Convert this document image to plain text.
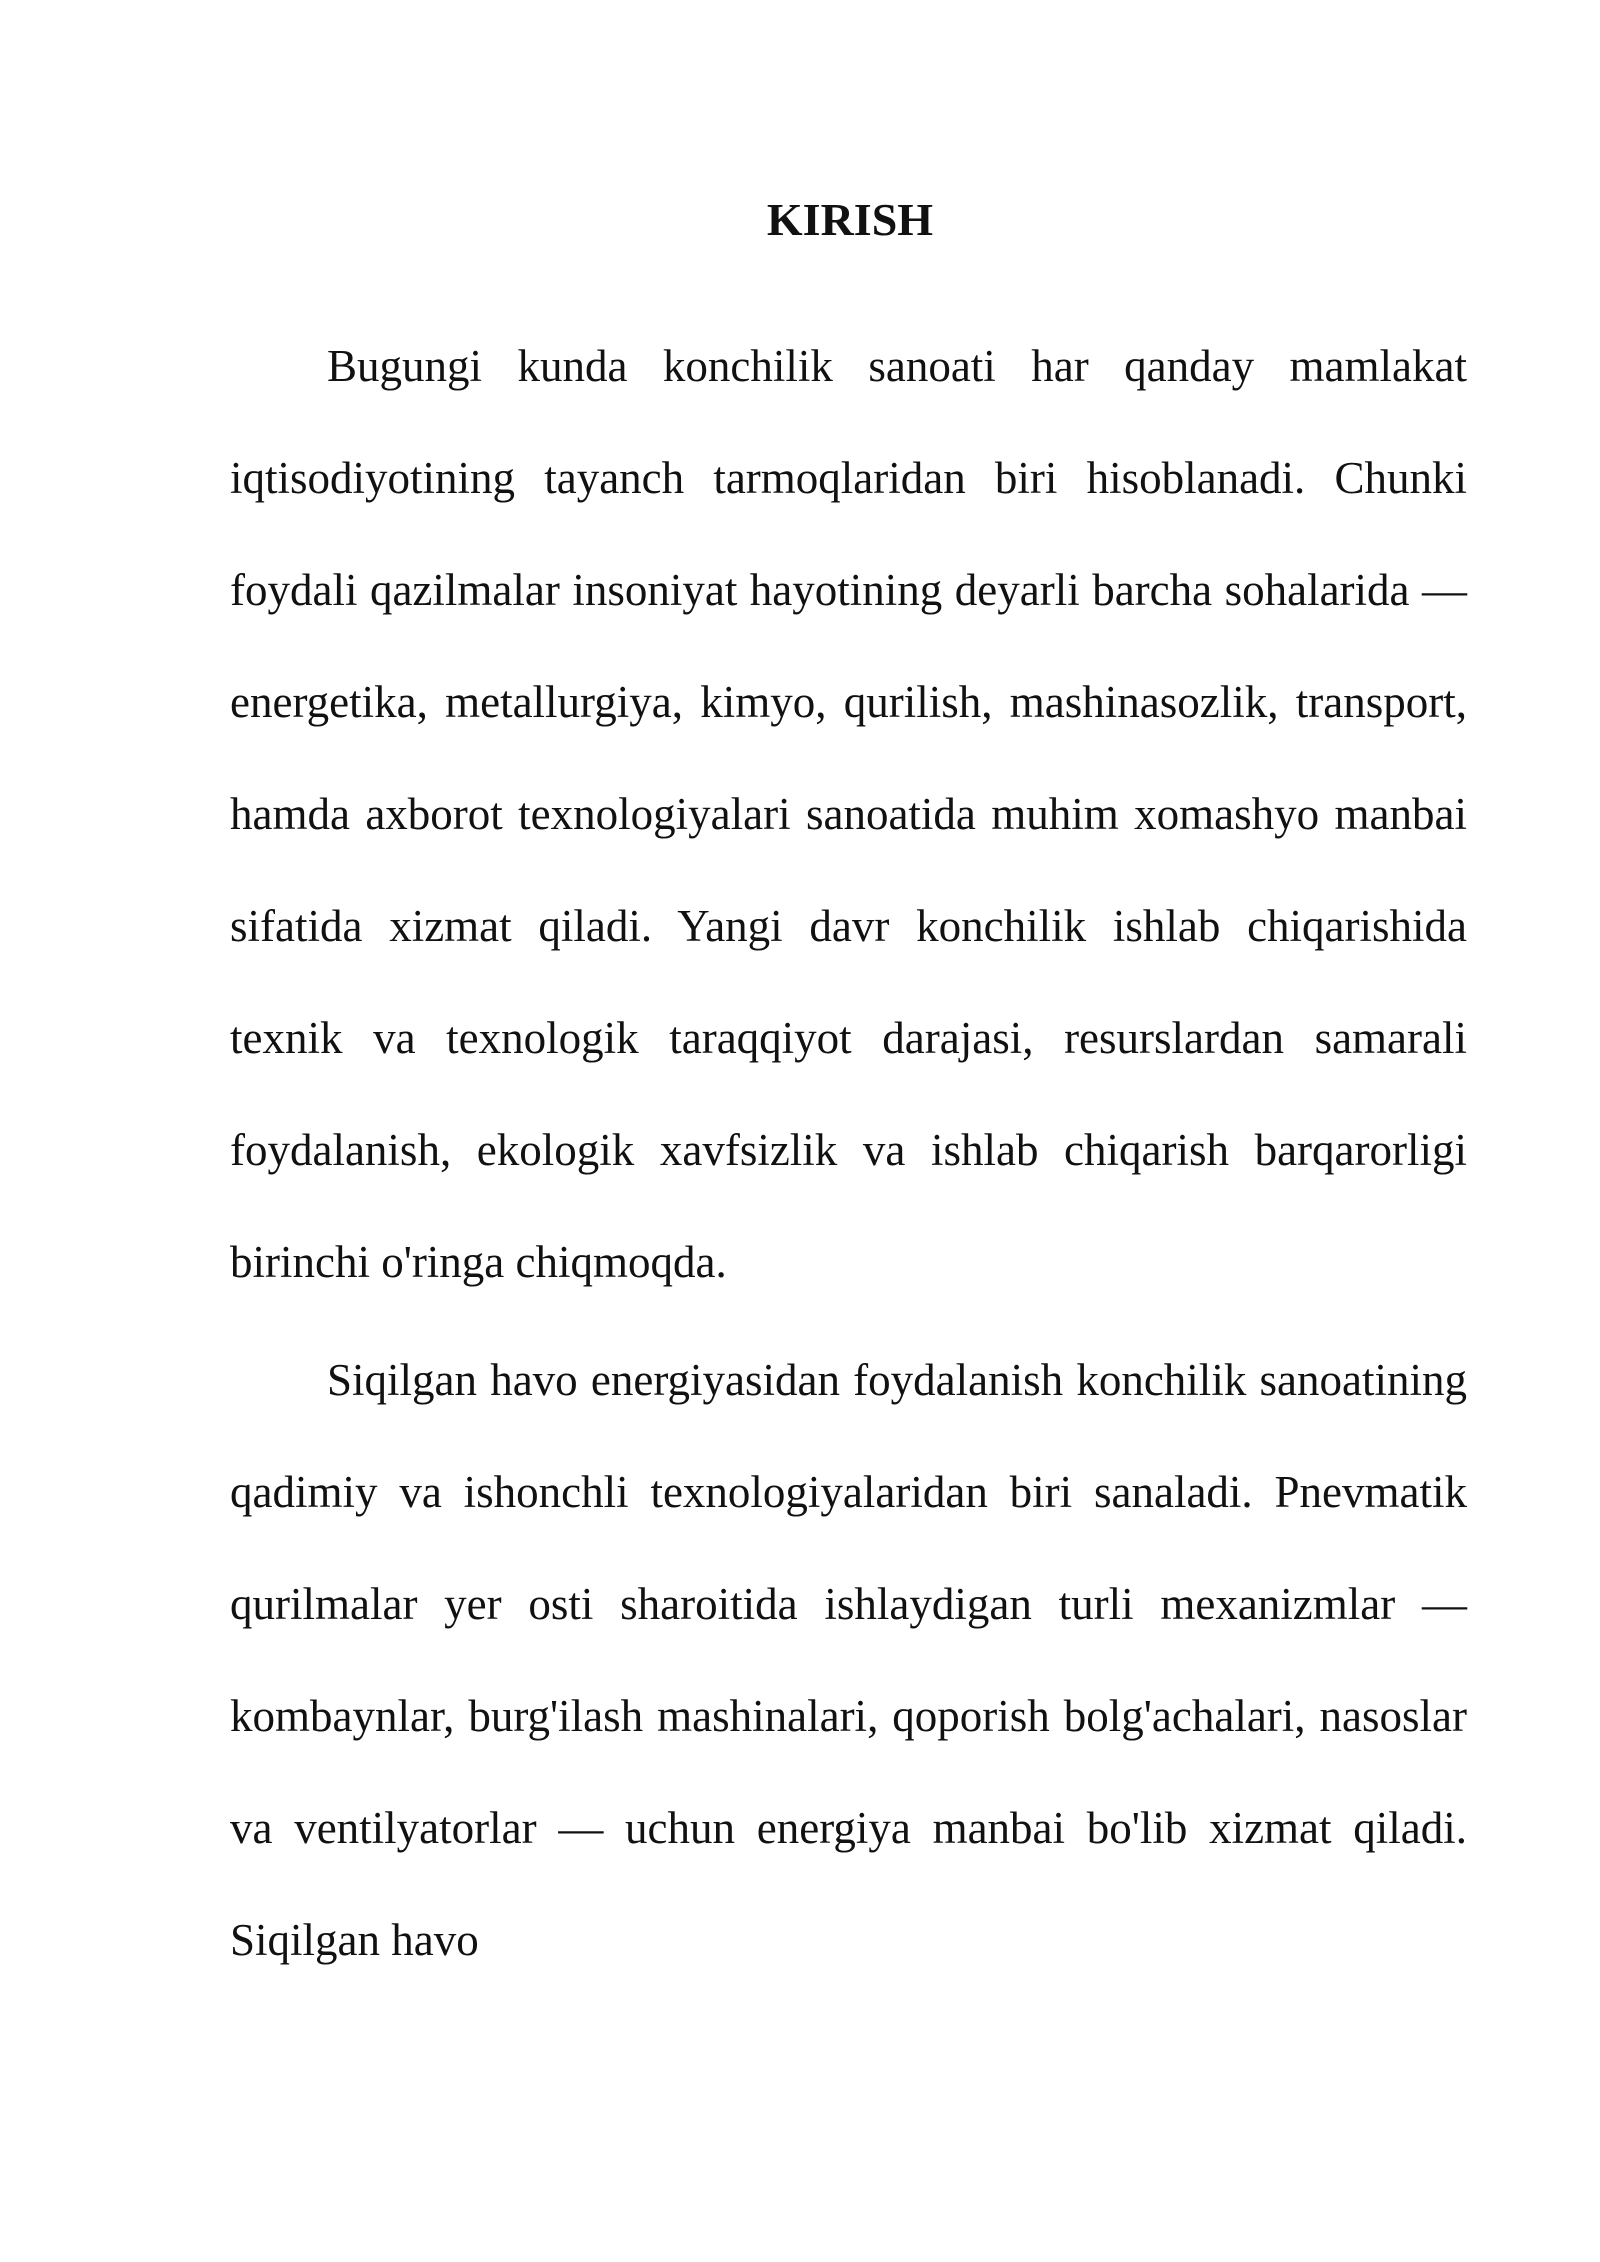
KIRISH

Bugungi kunda konchilik sanoati har qanday mamlakat iqtisodiyotining tayanch tarmoqlaridan biri hisoblanadi. Chunki foydali qazilmalar insoniyat hayotining deyarli barcha sohalarida — energetika, metallurgiya, kimyo, qurilish, mashinasozlik, transport, hamda axborot texnologiyalari sanoatida muhim xomashyo manbai sifatida xizmat qiladi. Yangi davr konchilik ishlab chiqarishida texnik va texnologik taraqqiyot darajasi, resurslardan samarali foydalanish, ekologik xavfsizlik va ishlab chiqarish barqarorligi birinchi o'ringa chiqmoqda.

Siqilgan havo energiyasidan foydalanish konchilik sanoatining qadimiy va ishonchli texnologiyalaridan biri sanaladi. Pnevmatik qurilmalar yer osti sharoitida ishlaydigan turli mexanizmlar — kombaynlar, burg'ilash mashinalari, qoporish bolg'achalari, nasoslar va ventilyatorlar — uchun energiya manbai bo'lib xizmat qiladi. Siqilgan havo
